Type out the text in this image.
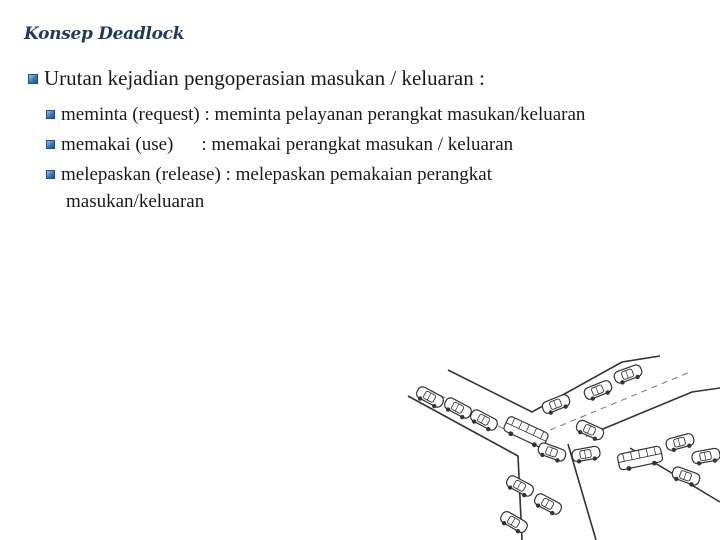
Konsep Deadlock
Urutan kejadian pengoperasian masukan / keluaran :
meminta (request) : meminta pelayanan perangkat masukan/keluaran
memakai (use) : memakai perangkat masukan / keluaran
melepaskan (release) : melepaskan pemakaian perangkat
masukan/keluaran
